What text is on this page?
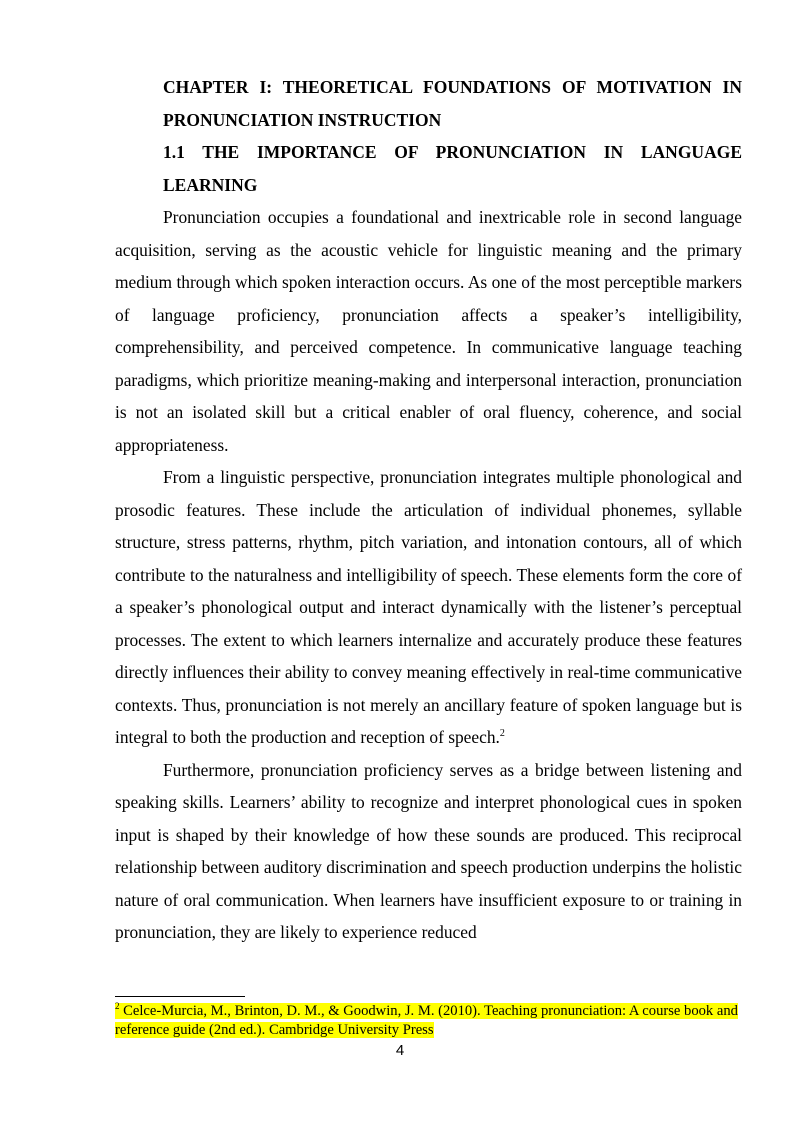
CHAPTER I: THEORETICAL FOUNDATIONS OF MOTIVATION IN PRONUNCIATION INSTRUCTION

1.1 THE IMPORTANCE OF PRONUNCIATION IN LANGUAGE LEARNING

Pronunciation occupies a foundational and inextricable role in second language acquisition, serving as the acoustic vehicle for linguistic meaning and the primary medium through which spoken interaction occurs. As one of the most perceptible markers of language proficiency, pronunciation affects a speaker’s intelligibility, comprehensibility, and perceived competence. In communicative language teaching paradigms, which prioritize meaning-making and interpersonal interaction, pronunciation is not an isolated skill but a critical enabler of oral fluency, coherence, and social appropriateness.

From a linguistic perspective, pronunciation integrates multiple phonological and prosodic features. These include the articulation of individual phonemes, syllable structure, stress patterns, rhythm, pitch variation, and intonation contours, all of which contribute to the naturalness and intelligibility of speech. These elements form the core of a speaker’s phonological output and interact dynamically with the listener’s perceptual processes. The extent to which learners internalize and accurately produce these features directly influences their ability to convey meaning effectively in real-time communicative contexts. Thus, pronunciation is not merely an ancillary feature of spoken language but is integral to both the production and reception of speech.$^2$

Furthermore, pronunciation proficiency serves as a bridge between listening and speaking skills. Learners’ ability to recognize and interpret phonological cues in spoken input is shaped by their knowledge of how these sounds are produced. This reciprocal relationship between auditory discrimination and speech production underpins the holistic nature of oral communication. When learners have insufficient exposure to or training in pronunciation, they are likely to experience reduced

$^2$ Celce-Murcia, M., Brinton, D. M., & Goodwin, J. M. (2010). Teaching pronunciation: A course book and reference guide (2nd ed.). Cambridge University Press
4
